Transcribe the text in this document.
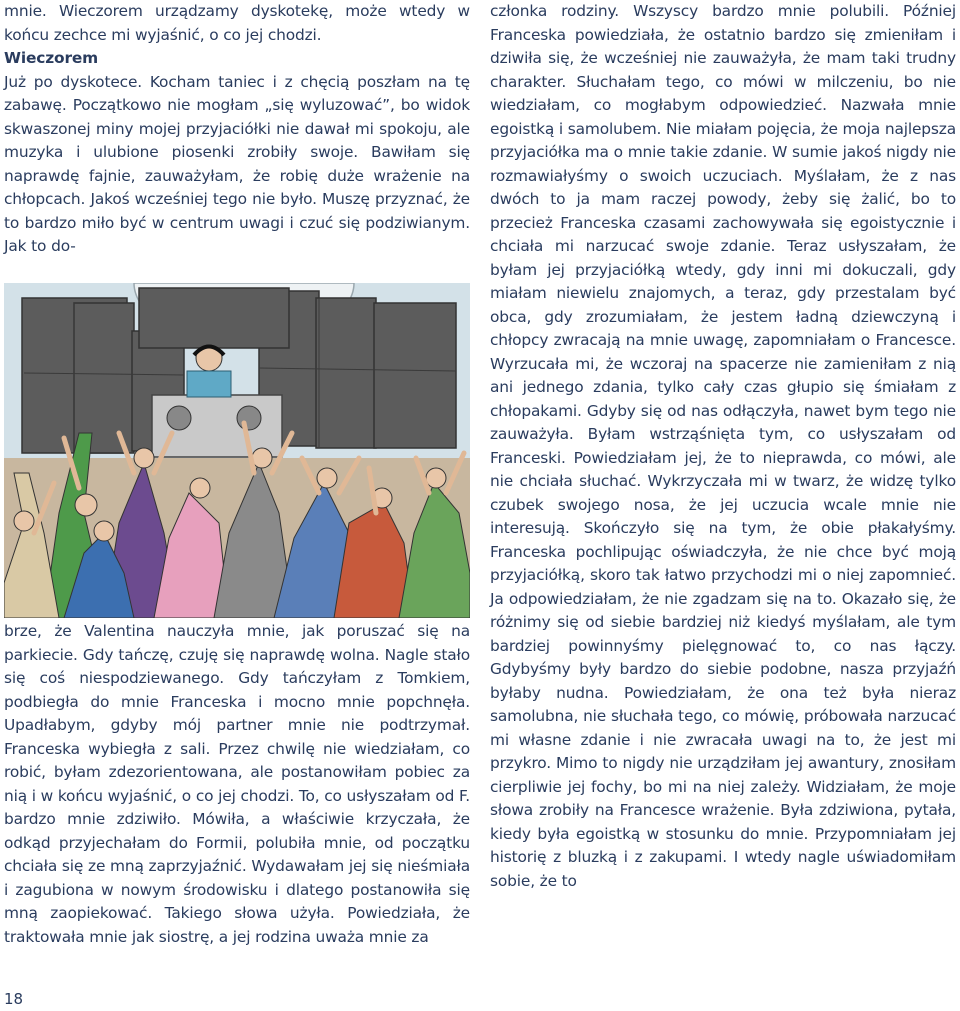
mnie. Wieczorem urządzamy dyskotekę, może wtedy w końcu zechce mi wyjaśnić, o co jej chodzi.

Wieczorem

Już po dyskotece. Kocham taniec i z chęcią poszłam na tę zabawę. Początkowo nie mogłam „się wyluzować”, bo widok skwaszonej miny mojej przyjaciółki nie dawał mi spokoju, ale muzyka i ulubione piosenki zrobiły swoje. Bawiłam się naprawdę fajnie, zauważyłam, że robię duże wrażenie na chłopcach. Jakoś wcześniej tego nie było. Muszę przyznać, że to bardzo miło być w centrum uwagi i czuć się podziwianym. Jak to do-

brze, że Valentina nauczyła mnie, jak poruszać się na parkiecie. Gdy tańczę, czuję się naprawdę wolna. Nagle stało się coś niespodziewanego. Gdy tańczyłam z Tomkiem, podbiegła do mnie Franceska i mocno mnie popchnęła. Upadłabym, gdyby mój partner mnie nie podtrzymał. Franceska wybiegła z sali. Przez chwilę nie wiedziałam, co robić, byłam zdezorientowana, ale postanowiłam pobiec za nią i w końcu wyjaśnić, o co jej chodzi. To, co usłyszałam od F. bardzo mnie zdziwiło. Mówiła, a właściwie krzyczała, że odkąd przyjechałam do Formii, polubiła mnie, od początku chciała się ze mną zaprzyjaźnić. Wydawałam jej się nieśmiała i zagubiona w nowym środowisku i dlatego postanowiła się mną zaopiekować. Takiego słowa użyła. Powiedziała, że traktowała mnie jak siostrę, a jej rodzina uważa mnie za

członka rodziny. Wszyscy bardzo mnie polubili. Później Franceska powiedziała, że ostatnio bardzo się zmieniłam i dziwiła się, że wcześniej nie zauważyła, że mam taki trudny charakter. Słuchałam tego, co mówi w milczeniu, bo nie wiedziałam, co mogłabym odpowiedzieć. Nazwała mnie egoistką i samolubem. Nie miałam pojęcia, że moja najlepsza przyjaciółka ma o mnie takie zdanie. W sumie jakoś nigdy nie rozmawiałyśmy o swoich uczuciach. Myślałam, że z nas dwóch to ja mam raczej powody, żeby się żalić, bo to przecież Franceska czasami zachowywała się egoistycznie i chciała mi narzucać swoje zdanie. Teraz usłyszałam, że byłam jej przyjaciółką wtedy, gdy inni mi dokuczali, gdy miałam niewielu znajomych, a teraz, gdy przestalam być obca, gdy zrozumiałam, że jestem ładną dziewczyną i chłopcy zwracają na mnie uwagę, zapomniałam o Francesce. Wyrzucała mi, że wczoraj na spacerze nie zamieniłam z nią ani jednego zdania, tylko cały czas głupio się śmiałam z chłopakami. Gdyby się od nas odłączyła, nawet bym tego nie zauważyła. Byłam wstrząśnięta tym, co usłyszałam od Franceski. Powiedziałam jej, że to nieprawda, co mówi, ale nie chciała słuchać. Wykrzyczała mi w twarz, że widzę tylko czubek swojego nosa, że jej uczucia wcale mnie nie interesują. Skończyło się na tym, że obie płakałyśmy. Franceska pochlipując oświadczyła, że nie chce być moją przyjaciółką, skoro tak łatwo przychodzi mi o niej zapomnieć. Ja odpowiedziałam, że nie zgadzam się na to. Okazało się, że różnimy się od siebie bardziej niż kiedyś myślałam, ale tym bardziej powinnyśmy pielęgnować to, co nas łączy. Gdybyśmy były bardzo do siebie podobne, nasza przyjaźń byłaby nudna. Powiedziałam, że ona też była nieraz samolubna, nie słuchała tego, co mówię, próbowała narzucać mi własne zdanie i nie zwracała uwagi na to, że jest mi przykro. Mimo to nigdy nie urządziłam jej awantury, znosiłam cierpliwie jej fochy, bo mi na niej zależy. Widziałam, że moje słowa zrobiły na Francesce wrażenie. Była zdziwiona, pytała, kiedy była egoistką w stosunku do mnie. Przypomniałam jej historię z bluzką i z zakupami. I wtedy nagle uświadomiłam sobie, że to

18
